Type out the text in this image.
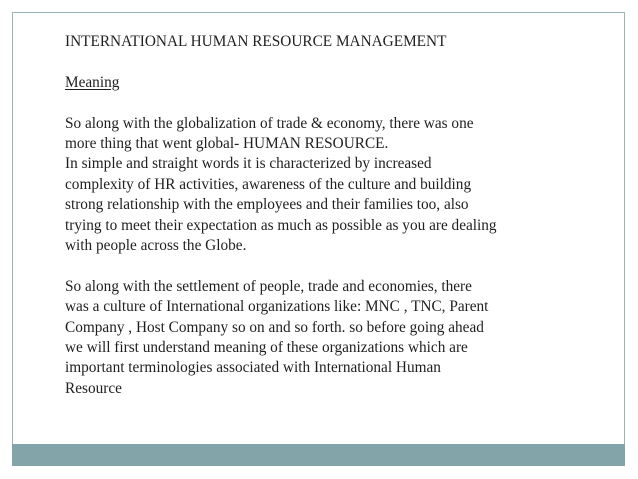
INTERNATIONAL HUMAN RESOURCE MANAGEMENT

Meaning

So along with the globalization of trade & economy, there was one
more thing that went global- HUMAN RESOURCE.
In simple and straight words it is characterized by increased
complexity of HR activities, awareness of the culture and building
strong relationship with the employees and their families too, also
trying to meet their expectation as much as possible as you are dealing
with people across the Globe.

So along with the settlement of people, trade and economies, there
was a culture of International organizations like: MNC , TNC, Parent
Company , Host Company so on and so forth. so before going ahead
we will first understand meaning of these organizations which are
important terminologies associated with International Human
Resource
